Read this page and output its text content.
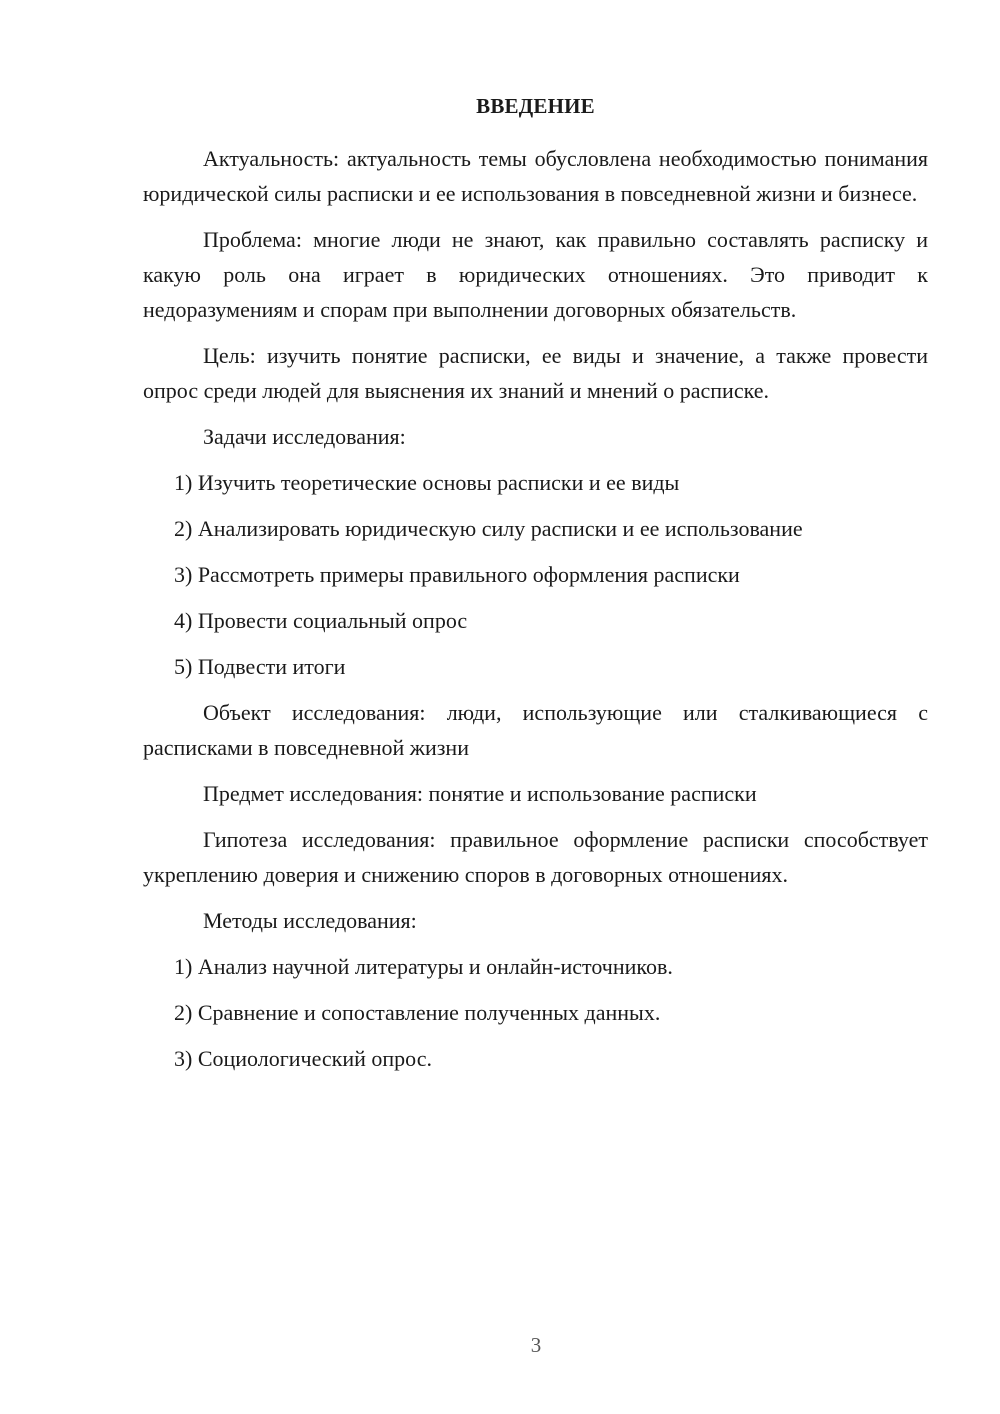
ВВЕДЕНИЕ

Актуальность: актуальность темы обусловлена необходимостью понимания юридической силы расписки и ее использования в повседневной жизни и бизнесе.

Проблема: многие люди не знают, как правильно составлять расписку и какую роль она играет в юридических отношениях. Это приводит к недоразумениям и спорам при выполнении договорных обязательств.

Цель: изучить понятие расписки, ее виды и значение, а также провести опрос среди людей для выяснения их знаний и мнений о расписке.

Задачи исследования:

1) Изучить теоретические основы расписки и ее виды

2) Анализировать юридическую силу расписки и ее использование

3) Рассмотреть примеры правильного оформления расписки

4) Провести социальный опрос

5) Подвести итоги

Объект исследования: люди, использующие или сталкивающиеся с расписками в повседневной жизни

Предмет исследования: понятие и использование расписки

Гипотеза исследования: правильное оформление расписки способствует укреплению доверия и снижению споров в договорных отношениях.

Методы исследования:

1) Анализ научной литературы и онлайн-источников.

2) Сравнение и сопоставление полученных данных.

3) Социологический опрос.

3
